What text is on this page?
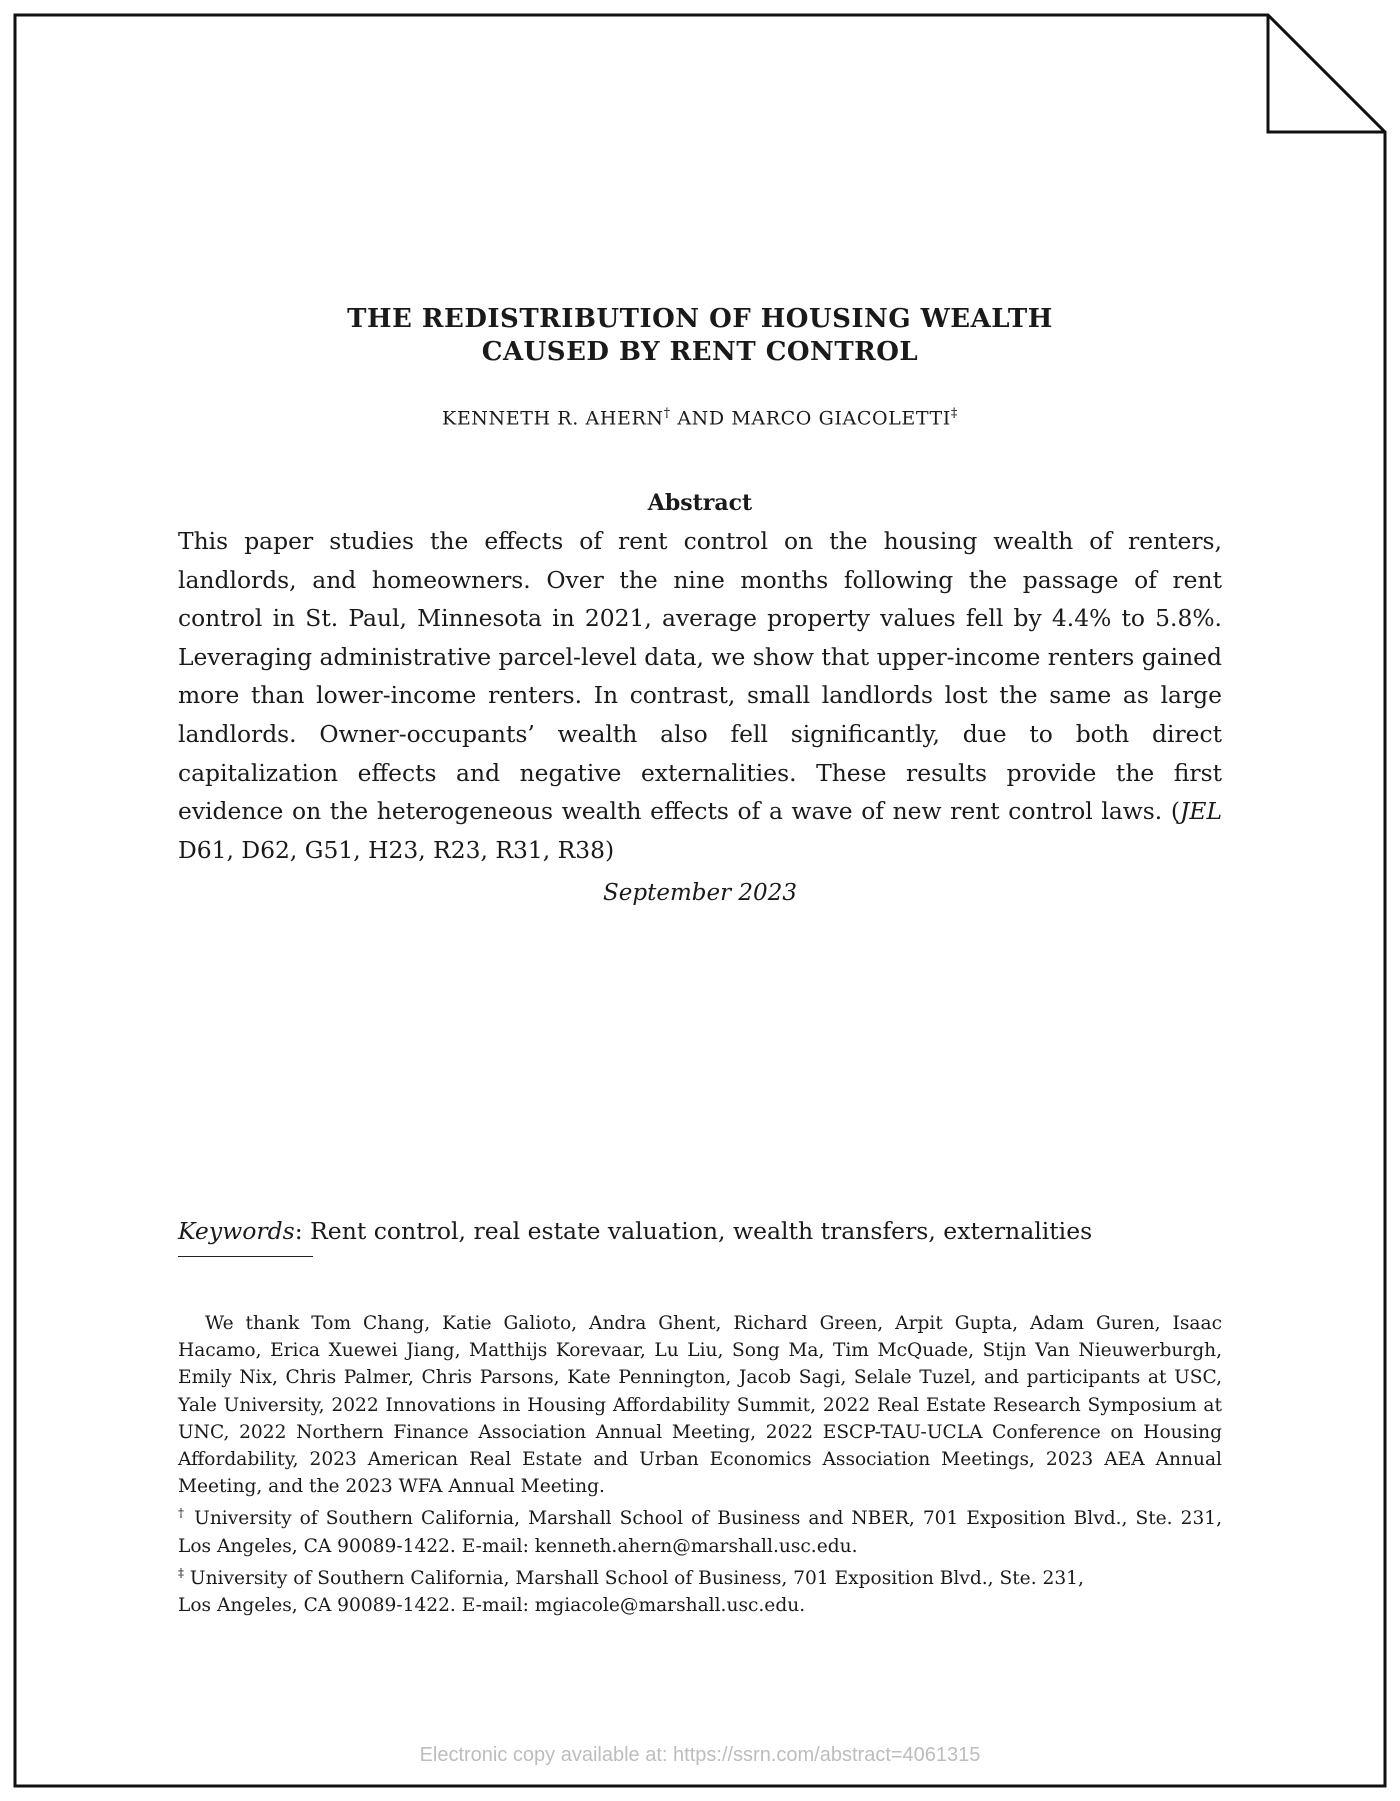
THE REDISTRIBUTION OF HOUSING WEALTH
CAUSED BY RENT CONTROL
KENNETH R. AHERN† AND MARCO GIACOLETTI‡
Abstract

This paper studies the effects of rent control on the housing wealth of renters, landlords, and homeowners. Over the nine months following the passage of rent control in St. Paul, Minnesota in 2021, average property values fell by 4.4% to 5.8%. Leveraging administrative parcel-level data, we show that upper-income renters gained more than lower-income renters. In contrast, small landlords lost the same as large landlords. Owner-occupants’ wealth also fell significantly, due to both direct capitalization effects and negative externalities. These results provide the first evidence on the heterogeneous wealth effects of a wave of new rent control laws. (JEL D61, D62, G51, H23, R23, R31, R38)

September 2023
Keywords: Rent control, real estate valuation, wealth transfers, externalities

We thank Tom Chang, Katie Galioto, Andra Ghent, Richard Green, Arpit Gupta, Adam Guren, Isaac Hacamo, Erica Xuewei Jiang, Matthijs Korevaar, Lu Liu, Song Ma, Tim McQuade, Stijn Van Nieuwerburgh, Emily Nix, Chris Palmer, Chris Parsons, Kate Pennington, Jacob Sagi, Selale Tuzel, and participants at USC, Yale University, 2022 Innovations in Housing Affordability Summit, 2022 Real Estate Research Symposium at UNC, 2022 Northern Finance Association Annual Meeting, 2022 ESCP-TAU-UCLA Conference on Housing Affordability, 2023 American Real Estate and Urban Economics Association Meetings, 2023 AEA Annual Meeting, and the 2023 WFA Annual Meeting.

† University of Southern California, Marshall School of Business and NBER, 701 Exposition Blvd., Ste. 231, Los Angeles, CA 90089-1422. E-mail: kenneth.ahern@marshall.usc.edu.

‡ University of Southern California, Marshall School of Business, 701 Exposition Blvd., Ste. 231,
Los Angeles, CA 90089-1422. E-mail: mgiacole@marshall.usc.edu.

Electronic copy available at: https://ssrn.com/abstract=4061315
